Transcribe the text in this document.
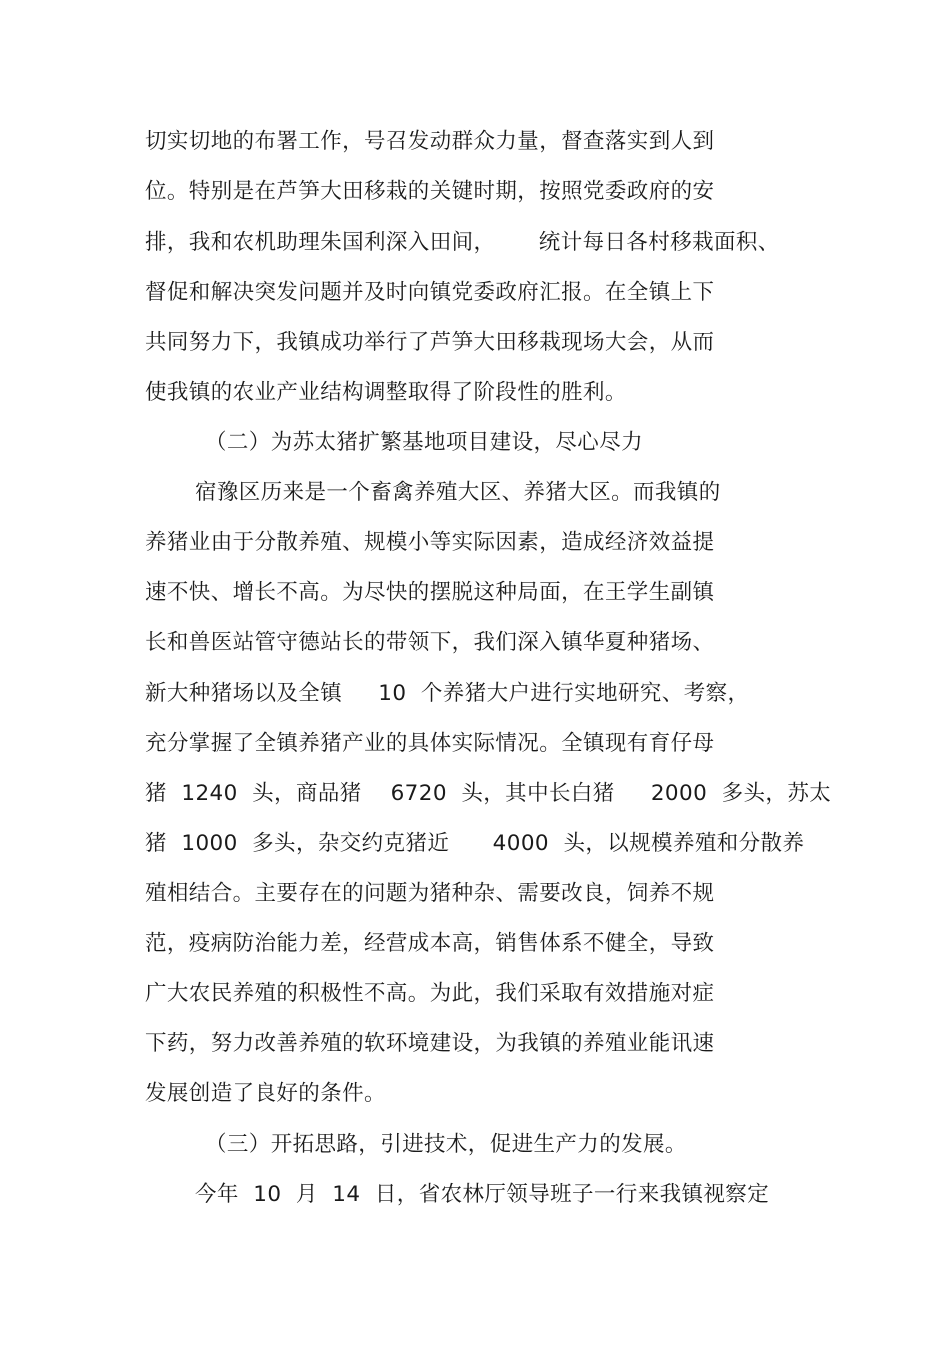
切实切地的布署工作，号召发动群众力量，督查落实到人到
位。特别是在芦笋大田移栽的关键时期，按照党委政府的安
排，我和农机助理朱国利深入田间，      统计每日各村移栽面积、
督促和解决突发问题并及时向镇党委政府汇报。在全镇上下
共同努力下，我镇成功举行了芦笋大田移栽现场大会，从而
使我镇的农业产业结构调整取得了阶段性的胜利。
（二）为苏太猪扩繁基地项目建设，尽心尽力
宿豫区历来是一个畜禽养殖大区、养猪大区。而我镇的
养猪业由于分散养殖、规模小等实际因素，造成经济效益提
速不快、增长不高。为尽快的摆脱这种局面，在王学生副镇
长和兽医站管守德站长的带领下，我们深入镇华夏种猪场、
新大种猪场以及全镇     10  个养猪大户进行实地研究、考察，
充分掌握了全镇养猪产业的具体实际情况。全镇现有育仔母
猪  1240  头，商品猪    6720  头，其中长白猪     2000  多头，苏太
猪  1000  多头，杂交约克猪近      4000  头，以规模养殖和分散养
殖相结合。主要存在的问题为猪种杂、需要改良，饲养不规
范，疫病防治能力差，经营成本高，销售体系不健全，导致
广大农民养殖的积极性不高。为此，我们采取有效措施对症
下药，努力改善养殖的软环境建设，为我镇的养殖业能讯速
发展创造了良好的条件。
（三）开拓思路，引进技术，促进生产力的发展。
今年  10  月  14  日，省农林厅领导班子一行来我镇视察定
